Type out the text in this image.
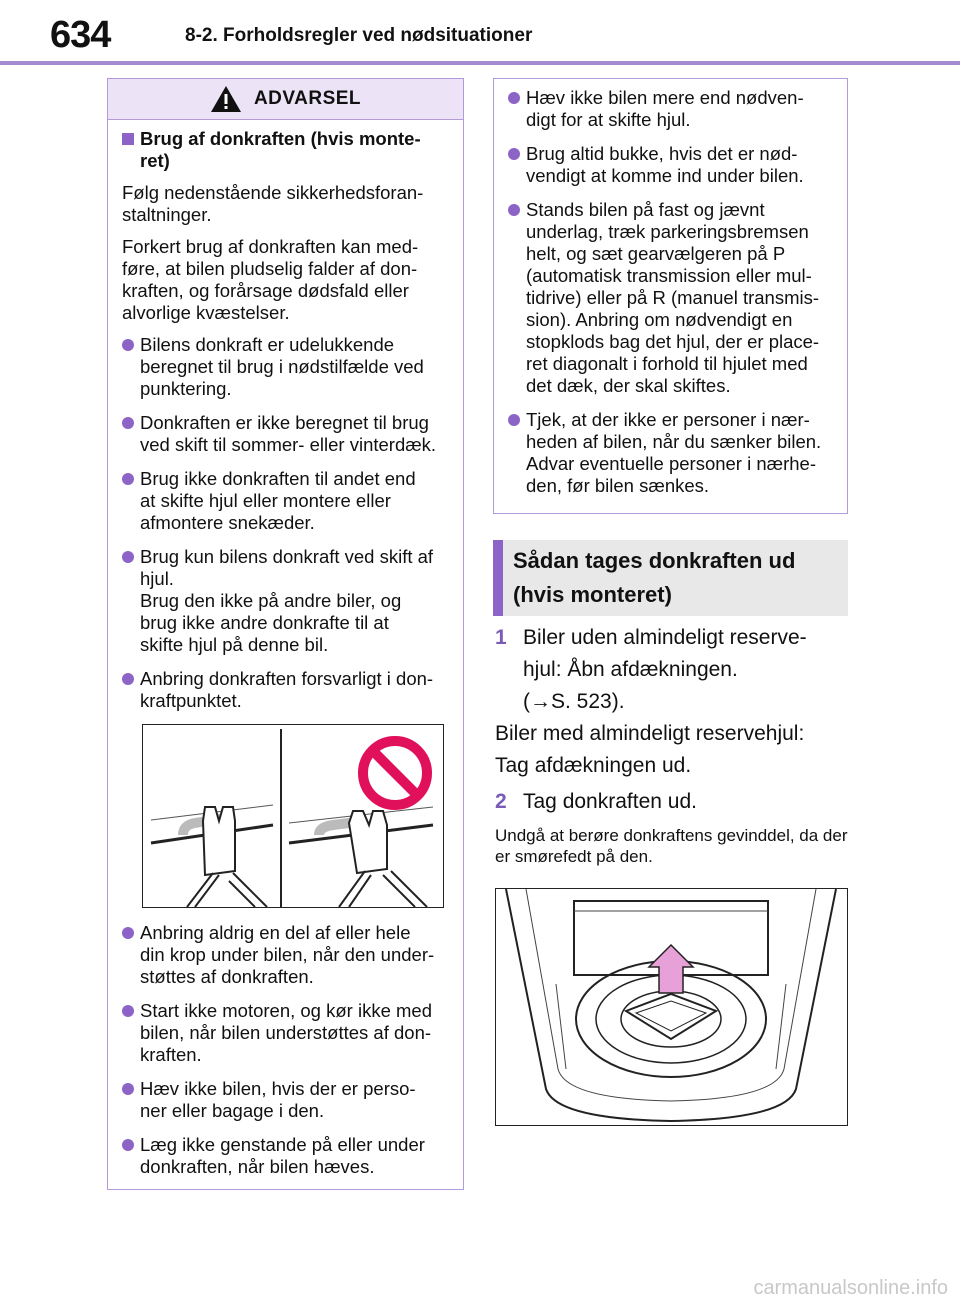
634	8-2. Forholdsregler ved nødsituationer
ADVARSEL
Brug af donkraften (hvis monte-
ret)

Følg nedenstående sikkerhedsforan-
staltninger.

Forkert brug af donkraften kan med-
føre, at bilen pludselig falder af don-
kraften, og forårsage dødsfald eller
alvorlige kvæstelser.

Bilens donkraft er udelukkende
beregnet til brug i nødstilfælde ved
punktering.
Donkraften er ikke beregnet til brug
ved skift til sommer- eller vinterdæk.
Brug ikke donkraften til andet end
at skifte hjul eller montere eller
afmontere snekæder.
Brug kun bilens donkraft ved skift af
hjul.
Brug den ikke på andre biler, og
brug ikke andre donkrafte til at
skifte hjul på denne bil.
Anbring donkraften forsvarligt i don-
kraftpunktet.
Anbring aldrig en del af eller hele
din krop under bilen, når den under-
støttes af donkraften.
Start ikke motoren, og kør ikke med
bilen, når bilen understøttes af don-
kraften.
Hæv ikke bilen, hvis der er perso-
ner eller bagage i den.
Læg ikke genstande på eller under
donkraften, når bilen hæves.
Hæv ikke bilen mere end nødven-
digt for at skifte hjul.
Brug altid bukke, hvis det er nød-
vendigt at komme ind under bilen.
Stands bilen på fast og jævnt
underlag, træk parkeringsbremsen
helt, og sæt gearvælgeren på P
(automatisk transmission eller mul-
tidrive) eller på R (manuel transmis-
sion). Anbring om nødvendigt en
stopklods bag det hjul, der er place-
ret diagonalt i forhold til hjulet med
det dæk, der skal skiftes.
Tjek, at der ikke er personer i nær-
heden af bilen, når du sænker bilen.
Advar eventuelle personer i nærhe-
den, før bilen sænkes.
Sådan tages donkraften ud
(hvis monteret)
1 Biler uden almindeligt reserve-
hjul: Åbn afdækningen.
(→S. 523).
Biler med almindeligt reservehjul:
Tag afdækningen ud.
2 Tag donkraften ud.
Undgå at berøre donkraftens gevinddel, da der er smørefedt på den.
carmanualsonline.info
